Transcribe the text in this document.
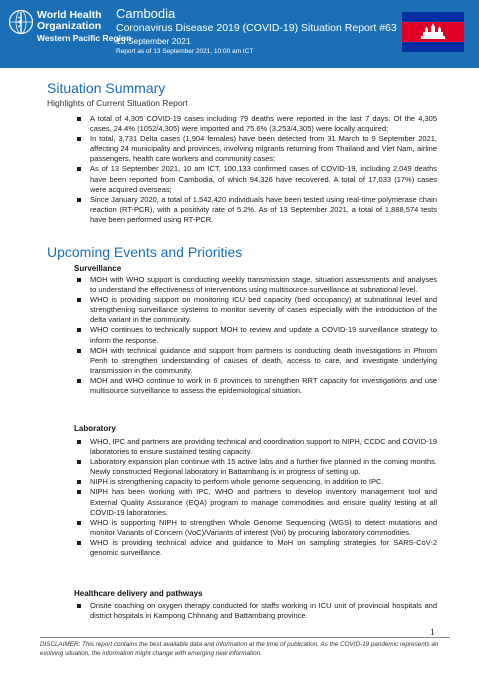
World Health
Organization
Western Pacific Region
Cambodia
Coronavirus Disease 2019 (COVID-19) Situation Report #63
13 September 2021
Report as of 13 September 2021, 10:00 am ICT
Situation Summary
Highlights of Current Situation Report
A total of 4,305 COVID-19 cases including 79 deaths were reported in the last 7 days. Of the 4,305 cases, 24.4% (1052/4,305) were imported and 75.6% (3,253/4,305) were locally acquired;
In total, 3,731 Delta cases (1,904 females) have been detected from 31 March to 9 September 2021, affecting 24 municipality and provinces, involving migrants returning from Thailand and Viet Nam, airline passengers, health care workers and community cases;
As of 13 September 2021, 10 am ICT, 100,133 confirmed cases of COVID-19, including 2,049 deaths have been reported from Cambodia, of which 94,326 have recovered. A total of 17,033 (17%) cases were acquired overseas;
Since January 2020, a total of 1,542,420 individuals have been tested using real-time polymerase chain reaction (RT-PCR), with a positivity rate of 5.2%. As of 13 September 2021, a total of 1,888,574 tests have been performed using RT-PCR.
Upcoming Events and Priorities
Surveillance
MOH with WHO support is conducting weekly transmission stage, situation assessments and analyses to understand the effectiveness of interventions using multisource surveillance at subnational level.
WHO is providing support on monitoring ICU bed capacity (bed occupancy) at subnational level and strengthening surveillance systems to monitor severity of cases especially with the introduction of the delta variant in the community.
WHO continues to technically support MOH to review and update a COVID-19 surveillance strategy to inform the response.
MOH with technical guidance and support from partners is conducting death investigations in Phnom Penh to strengthen understanding of causes of death, access to care, and investigate underlying transmission in the community.
MOH and WHO continue to work in 6 provinces to strengthen RRT capacity for investigations and use multisource surveillance to assess the epidemiological situation.
Laboratory
WHO, IPC and partners are providing technical and coordination support to NIPH, CCDC and COVID-19 laboratories to ensure sustained testing capacity.
Laboratory expansion plan continue with 15 active labs and a further five planned in the coming months. Newly constructed Regional laboratory in Battambang is in progress of setting up.
NIPH is strengthening capacity to perform whole genome sequencing, in addition to IPC.
NIPH has been working with IPC, WHO and partners to develop inventory management tool and External Quality Assurance (EQA) program to manage commodities and ensure quality testing at all COVID-19 laboratories.
WHO is supporting NIPH to strengthen Whole Genome Sequencing (WGS) to detect mutations and monitor Variants of Concern (VoC)/Variants of interest (VoI) by procuring laboratory commodities.
WHO is providing technical advice and guidance to MoH on sampling strategies for SARS-CoV-2 genomic surveillance.
Healthcare delivery and pathways
Onsite coaching on oxygen therapy conducted for staffs working in ICU unit of provincial hospitals and district hospitals in Kampong Chhnang and Battambang province.
1
DISCLAIMER: This report contains the best available data and information at the time of publication. As the COVID-19 pandemic represents an evolving situation, the information might change with emerging new information.
